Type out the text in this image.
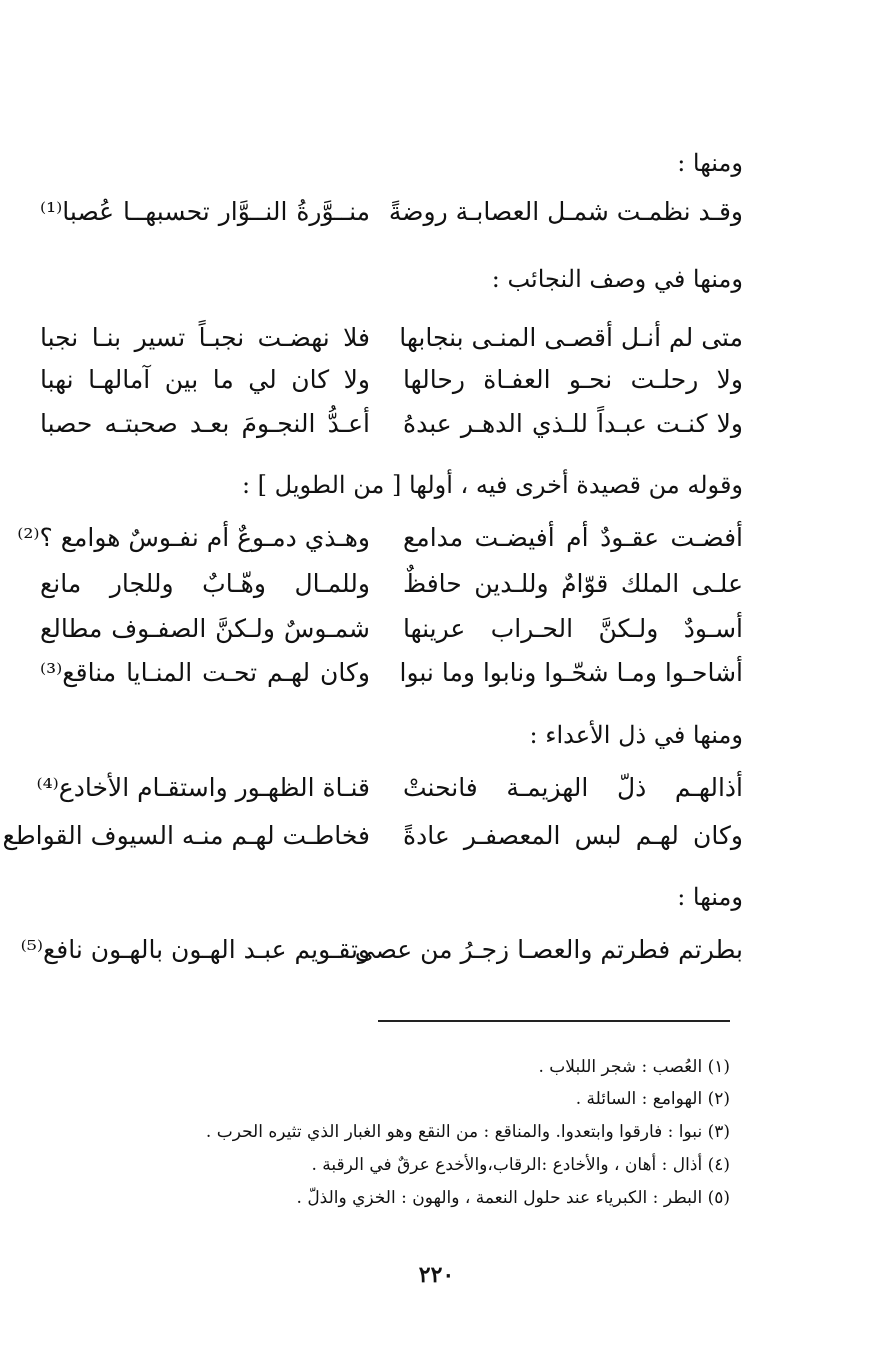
ومنها :
وقـد نظمـت شمـل العصابـة روضةً
منــوَّرةُ النــوَّار تحسبهــا عُصبا⁽¹⁾
ومنها في وصف النجائب :
متى لم أنـل أقصـى المنـى بنجابها
فلا نهضـت نجبـاً تسير بنـا نجبا
ولا رحلـت نحـو العفـاة رحالها
ولا كان لي ما بين آمالهـا نهبا
ولا كنـت عبـداً للـذي الدهـر عبدهُ
أعـدُّ النجـومَ بعـد صحبتـه حصبا
وقوله من قصيدة أخرى فيه ، أولها [ من الطويل ] :
أفضـت عقـودٌ أم أفيضـت مدامع
وهـذي دمـوعٌ أم نفـوسٌ هوامع ؟⁽²⁾
علـى الملك قوّامٌ وللـدين حافظٌ
وللمـال وهّـابٌ وللجار مانع
أسـودٌ ولـكنَّ الحـراب عرينها
شمـوسٌ ولـكنَّ الصفـوف مطالع
أشاحـوا ومـا شحّـوا ونابوا وما نبوا
وكان لهـم تحـت المنـايا مناقع⁽³⁾
ومنها في ذل الأعداء :
أذالهـم ذلّ الهزيمـة فانحنتْ
قنـاة الظهـور واستقـام الأخادع⁽⁴⁾
وكان لهـم لبس المعصفـر عادةً
فخاطـت لهـم منـه السيوف القواطع
ومنها :
بطرتم فطرتم والعصـا زجـرُ من عصى
وتقـويم عبـد الهـون بالهـون نافع⁽⁵⁾
(١) العُصب : شجر اللبلاب .
(٢) الهوامع : السائلة .
(٣) نبوا : فارقوا وابتعدوا. والمناقع : من النقع وهو الغبار الذي تثيره الحرب .
(٤) أذال : أهان ، والأخادع :الرقاب،والأخدع عرقٌ في الرقبة .
(٥) البطر : الكبرياء عند حلول النعمة ، والهون : الخزي والذلّ .
٢٢٠
